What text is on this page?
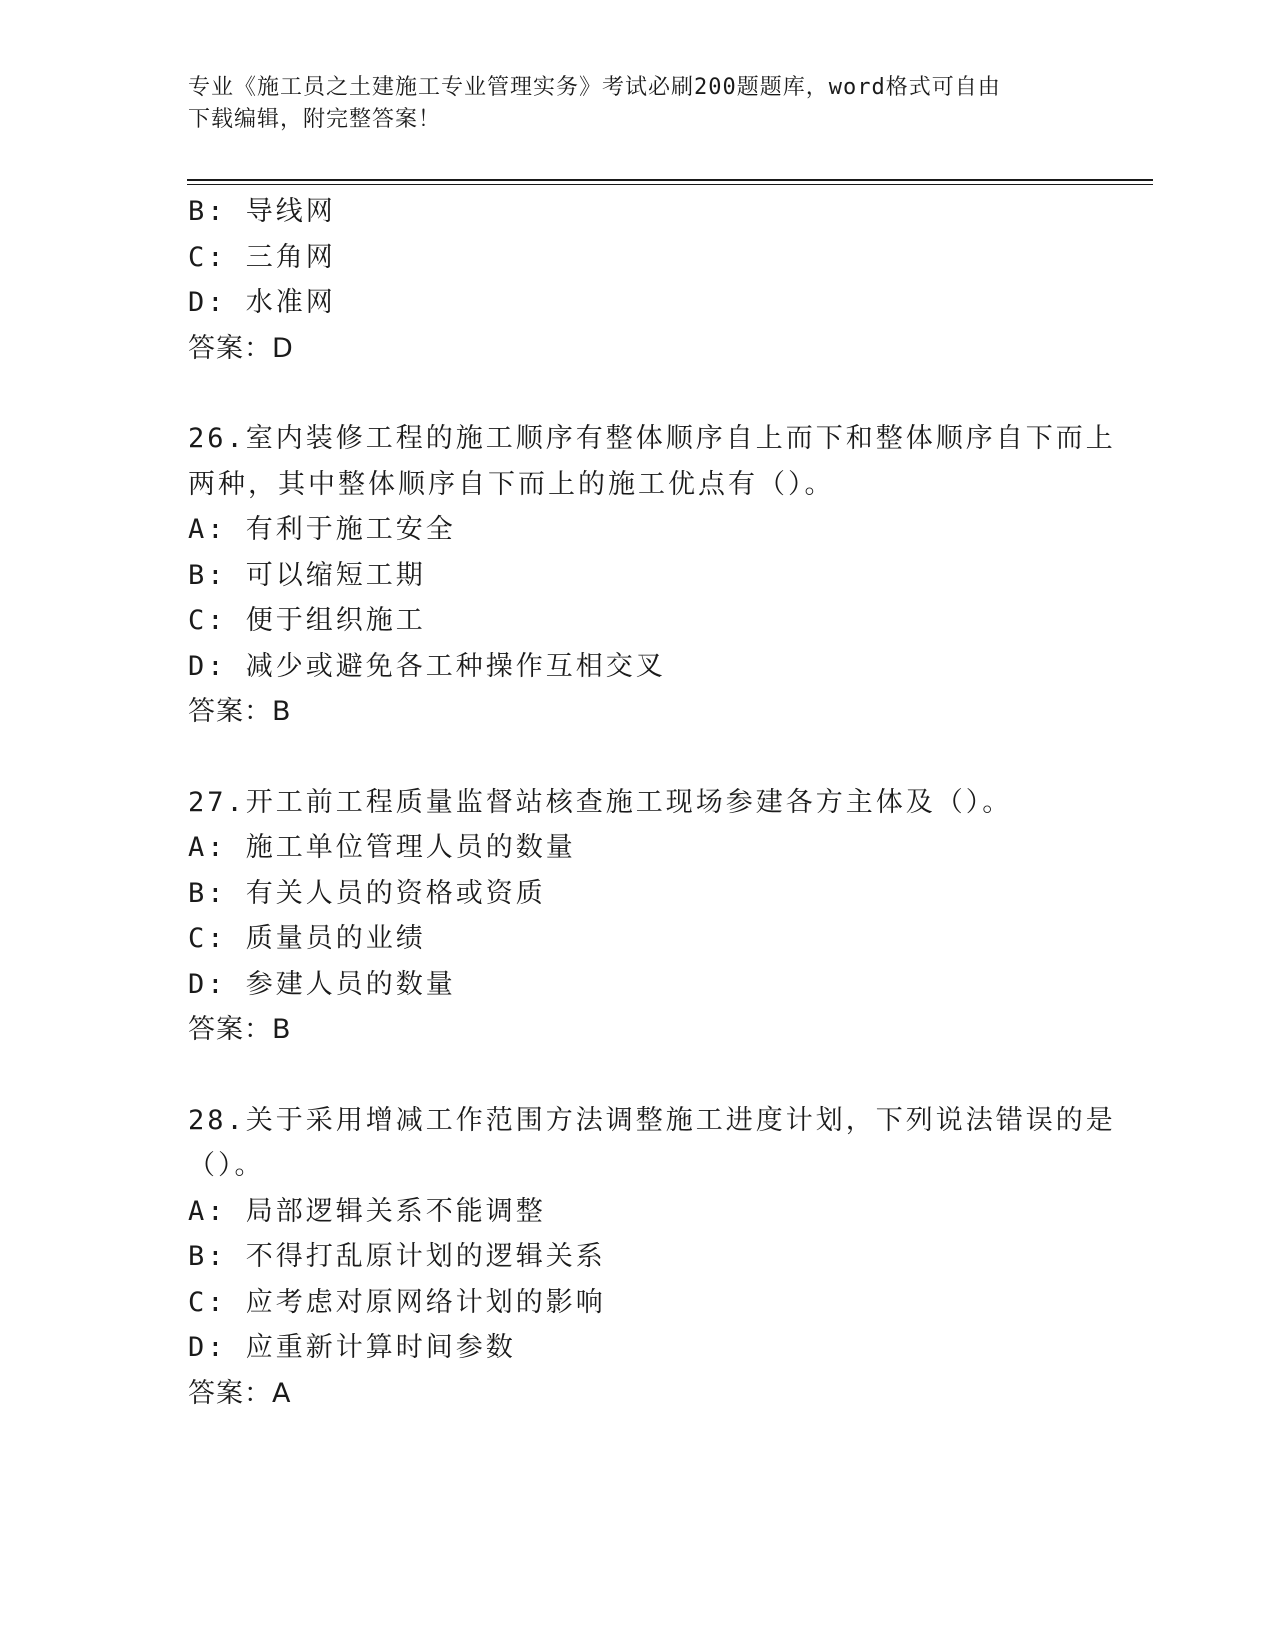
专业《施工员之土建施工专业管理实务》考试必刷200题题库，word格式可自由
下载编辑，附完整答案！
B: 导线网
C: 三角网
D: 水准网
答案：D
26.室内装修工程的施工顺序有整体顺序自上而下和整体顺序自下而上
两种，其中整体顺序自下而上的施工优点有（）。
A: 有利于施工安全
B: 可以缩短工期
C: 便于组织施工
D: 减少或避免各工种操作互相交叉
答案：B
27.开工前工程质量监督站核查施工现场参建各方主体及（）。
A: 施工单位管理人员的数量
B: 有关人员的资格或资质
C: 质量员的业绩
D: 参建人员的数量
答案：B
28.关于采用增减工作范围方法调整施工进度计划，下列说法错误的是
（）。
A: 局部逻辑关系不能调整
B: 不得打乱原计划的逻辑关系
C: 应考虑对原网络计划的影响
D: 应重新计算时间参数
答案：A
